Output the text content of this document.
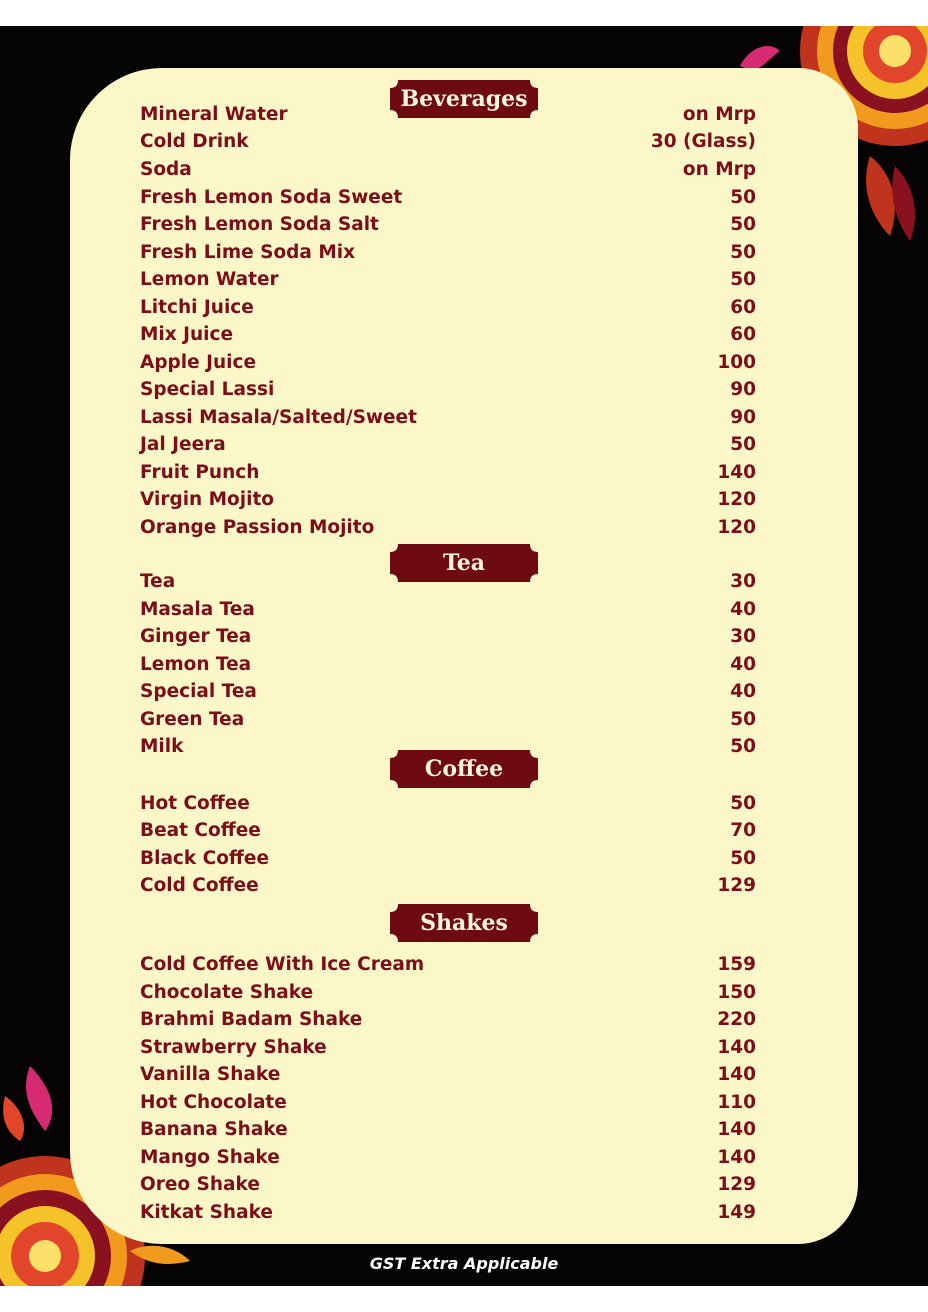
Beverages
Mineral Water	on Mrp
Cold Drink	30 (Glass)
Soda	on Mrp
Fresh Lemon Soda Sweet	50
Fresh Lemon Soda Salt	50
Fresh Lime Soda Mix	50
Lemon Water	50
Litchi Juice	60
Mix Juice	60
Apple Juice	100
Special Lassi	90
Lassi Masala/Salted/Sweet	90
Jal Jeera	50
Fruit Punch	140
Virgin Mojito	120
Orange Passion Mojito	120
Tea
Tea	30
Masala Tea	40
Ginger Tea	30
Lemon Tea	40
Special Tea	40
Green Tea	50
Milk	50
Coffee
Hot Coffee	50
Beat Coffee	70
Black Coffee	50
Cold Coffee	129
Shakes
Cold Coffee With Ice Cream	159
Chocolate Shake	150
Brahmi Badam Shake	220
Strawberry Shake	140
Vanilla Shake	140
Hot Chocolate	110
Banana Shake	140
Mango Shake	140
Oreo Shake	129
Kitkat Shake	149
GST Extra Applicable
